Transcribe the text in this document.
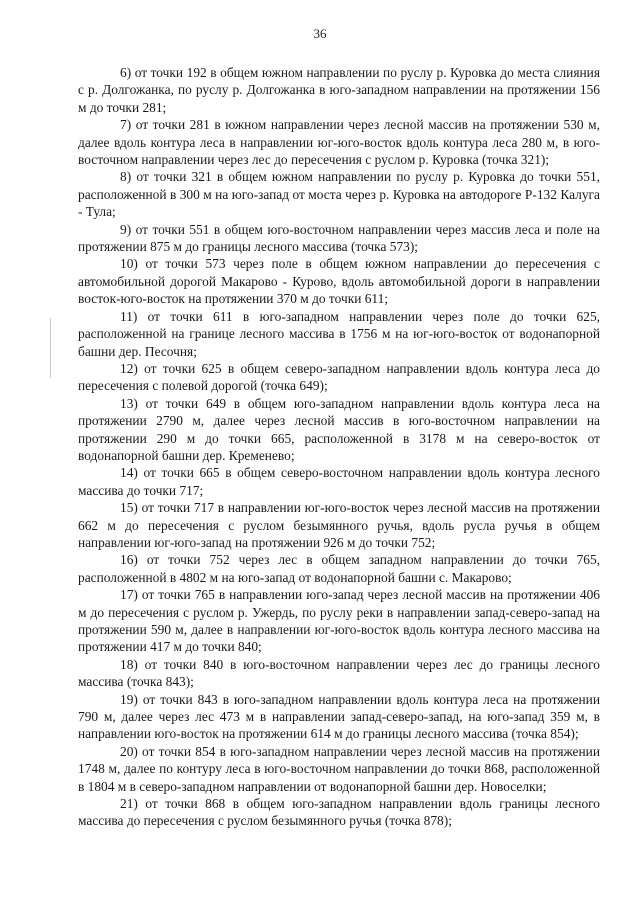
36

6) от точки 192 в общем южном направлении по руслу р. Куровка до места слияния с р. Долгожанка, по руслу р. Долгожанка в юго-западном направлении на протяжении 156 м до точки 281;

7) от точки 281 в южном направлении через лесной массив на протяжении 530 м, далее вдоль контура леса в направлении юг-юго-восток вдоль контура леса 280 м, в юго-восточном направлении через лес до пересечения с руслом р. Куровка (точка 321);

8) от точки 321 в общем южном направлении по руслу р. Куровка до точки 551, расположенной в 300 м на юго-запад от моста через р. Куровка на автодороге Р-132 Калуга - Тула;

9) от точки 551 в общем юго-восточном направлении через массив леса и поле на протяжении 875 м до границы лесного массива (точка 573);

10) от точки 573 через поле в общем южном направлении до пересечения с автомобильной дорогой Макарово - Курово, вдоль автомобильной дороги в направлении восток-юго-восток на протяжении 370 м до точки 611;

11) от точки 611 в юго-западном направлении через поле до точки 625, расположенной на границе лесного массива в 1756 м на юг-юго-восток от водонапорной башни дер. Песочня;

12) от точки 625 в общем северо-западном направлении вдоль контура леса до пересечения с полевой дорогой (точка 649);

13) от точки 649 в общем юго-западном направлении вдоль контура леса на протяжении 2790 м, далее через лесной массив в юго-восточном направлении на протяжении 290 м до точки 665, расположенной в 3178 м на северо-восток от водонапорной башни дер. Кременево;

14) от точки 665 в общем северо-восточном направлении вдоль контура лесного массива до точки 717;

15) от точки 717 в направлении юг-юго-восток через лесной массив на протяжении 662 м до пересечения с руслом безымянного ручья, вдоль русла ручья в общем направлении юг-юго-запад на протяжении 926 м до точки 752;

16) от точки 752 через лес в общем западном направлении до точки 765, расположенной в 4802 м на юго-запад от водонапорной башни с. Макарово;

17) от точки 765 в направлении юго-запад через лесной массив на протяжении 406 м до пересечения с руслом р. Ужердь, по руслу реки в направлении запад-северо-запад на протяжении 590 м, далее в направлении юг-юго-восток вдоль контура лесного массива на протяжении 417 м до точки 840;

18) от точки 840 в юго-восточном направлении через лес до границы лесного массива (точка 843);

19) от точки 843 в юго-западном направлении вдоль контура леса на протяжении 790 м, далее через лес 473 м в направлении запад-северо-запад, на юго-запад 359 м, в направлении юго-восток на протяжении 614 м до границы лесного массива (точка 854);

20) от точки 854 в юго-западном направлении через лесной массив на протяжении 1748 м, далее по контуру леса в юго-восточном направлении до точки 868, расположенной в 1804 м в северо-западном направлении от водонапорной башни дер. Новоселки;

21) от точки 868 в общем юго-западном направлении вдоль границы лесного массива до пересечения с руслом безымянного ручья (точка 878);
